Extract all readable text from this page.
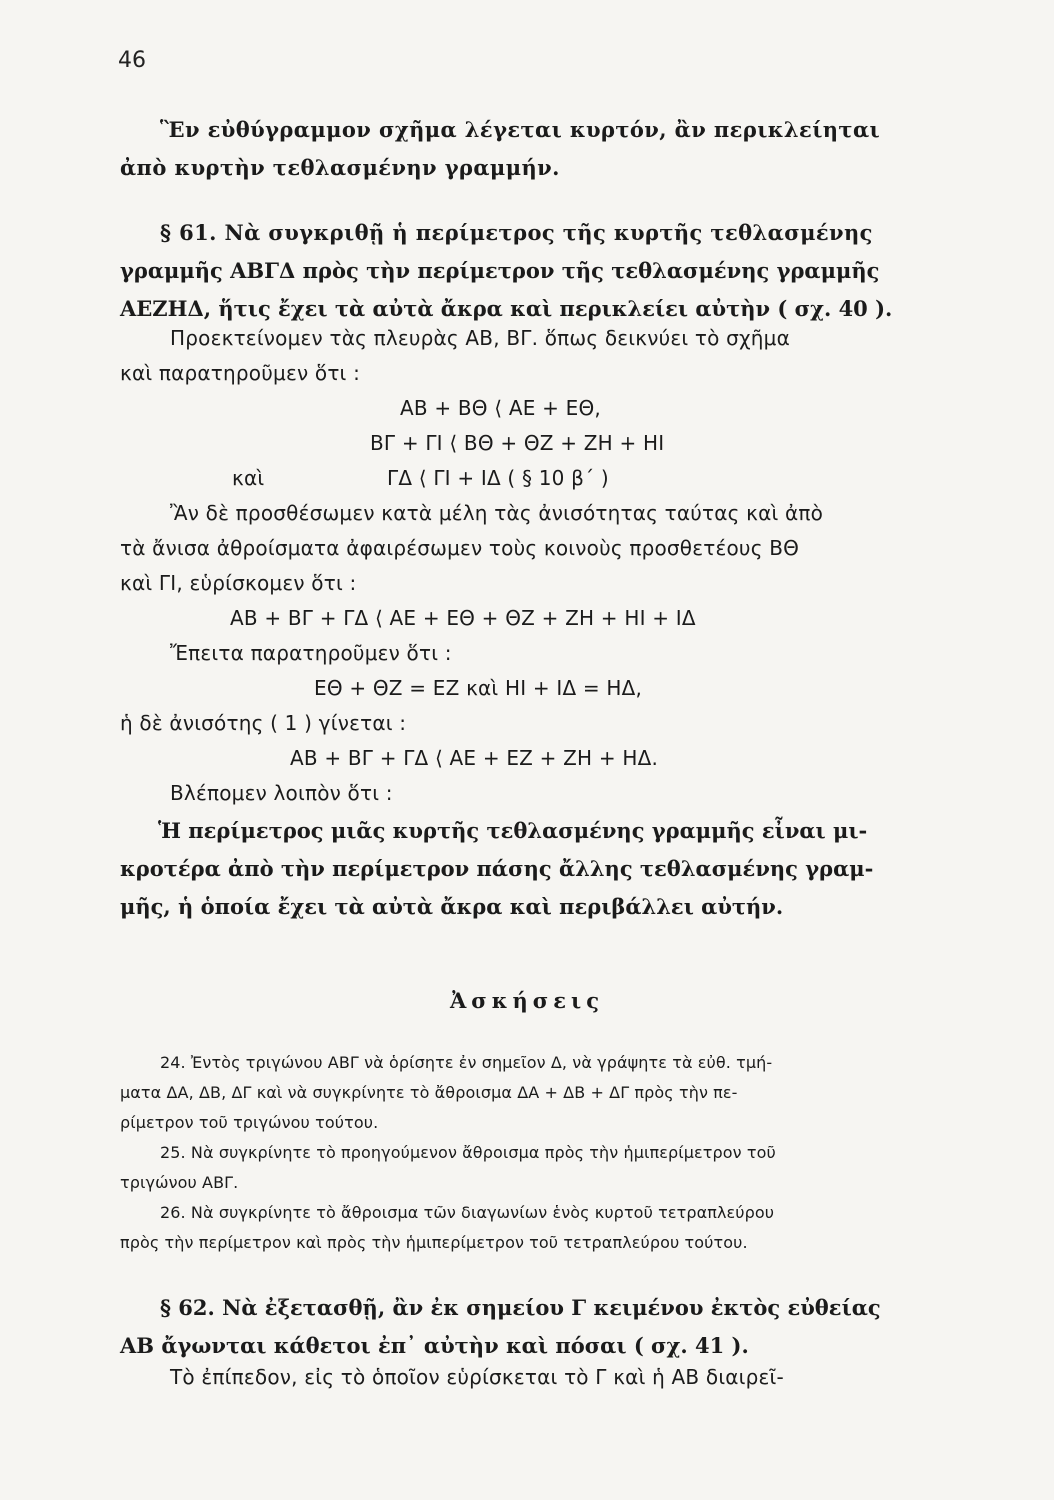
46
Ἓν εὐθύγραμμον σχῆμα λέγεται κυρτόν, ἂν περικλείηται
ἀπὸ κυρτὴν τεθλασμένην γραμμήν.
§ 61. Νὰ συγκριθῇ ἡ περίμετρος τῆς κυρτῆς τεθλασμένης
γραμμῆς ΑΒΓΔ πρὸς τὴν περίμετρον τῆς τεθλασμένης γραμμῆς
ΑΕΖΗΔ, ἥτις ἔχει τὰ αὐτὰ ἄκρα καὶ περικλείει αὐτὴν ( σχ. 40 ).
Προεκτείνομεν τὰς πλευρὰς ΑΒ, ΒΓ. ὅπως δεικνύει τὸ σχῆμα
καὶ παρατηροῦμεν ὅτι :
ΑΒ + ΒΘ ⟨ ΑΕ + ΕΘ,
ΒΓ + ΓΙ ⟨ ΒΘ + ΘΖ + ΖΗ + ΗΙ
καὶ	ΓΔ ⟨ ΓΙ + ΙΔ ( § 10 β΄ )
Ἂν δὲ προσθέσωμεν κατὰ μέλη τὰς ἀνισότητας ταύτας καὶ ἀπὸ
τὰ ἄνισα ἀθροίσματα ἀφαιρέσωμεν τοὺς κοινοὺς προσθετέους ΒΘ
καὶ ΓΙ, εὑρίσκομεν ὅτι :
ΑΒ + ΒΓ + ΓΔ ⟨ ΑΕ + ΕΘ + ΘΖ + ΖΗ + ΗΙ + ΙΔ
Ἔπειτα παρατηροῦμεν ὅτι :
ΕΘ + ΘΖ = ΕΖ καὶ ΗΙ + ΙΔ = ΗΔ,
ἡ δὲ ἀνισότης ( 1 ) γίνεται :
ΑΒ + ΒΓ + ΓΔ ⟨ ΑΕ + ΕΖ + ΖΗ + ΗΔ.
Βλέπομεν λοιπὸν ὅτι :
Ἡ περίμετρος μιᾶς κυρτῆς τεθλασμένης γραμμῆς εἶναι μι-
κροτέρα ἀπὸ τὴν περίμετρον πάσης ἄλλης τεθλασμένης γραμ-
μῆς, ἡ ὁποία ἔχει τὰ αὐτὰ ἄκρα καὶ περιβάλλει αὐτήν.
Ἀσκήσεις
24. Ἐντὸς τριγώνου ΑΒΓ νὰ ὁρίσητε ἐν σημεῖον Δ, νὰ γράψητε τὰ εὐθ. τμή-
ματα ΔΑ, ΔΒ, ΔΓ καὶ νὰ συγκρίνητε τὸ ἄθροισμα ΔΑ + ΔΒ + ΔΓ πρὸς τὴν πε-
ρίμετρον τοῦ τριγώνου τούτου.
25. Νὰ συγκρίνητε τὸ προηγούμενον ἄθροισμα πρὸς τὴν ἡμιπερίμετρον τοῦ
τριγώνου ΑΒΓ.
26. Νὰ συγκρίνητε τὸ ἄθροισμα τῶν διαγωνίων ἑνὸς κυρτοῦ τετραπλεύρου
πρὸς τὴν περίμετρον καὶ πρὸς τὴν ἡμιπερίμετρον τοῦ τετραπλεύρου τούτου.
§ 62. Νὰ ἐξετασθῇ, ἂν ἐκ σημείου Γ κειμένου ἐκτὸς εὐθείας
ΑΒ ἄγωνται κάθετοι ἐπ᾽ αὐτὴν καὶ πόσαι ( σχ. 41 ).
Τὸ ἐπίπεδον, εἰς τὸ ὁποῖον εὑρίσκεται τὸ Γ καὶ ἡ ΑΒ διαιρεῖ-
